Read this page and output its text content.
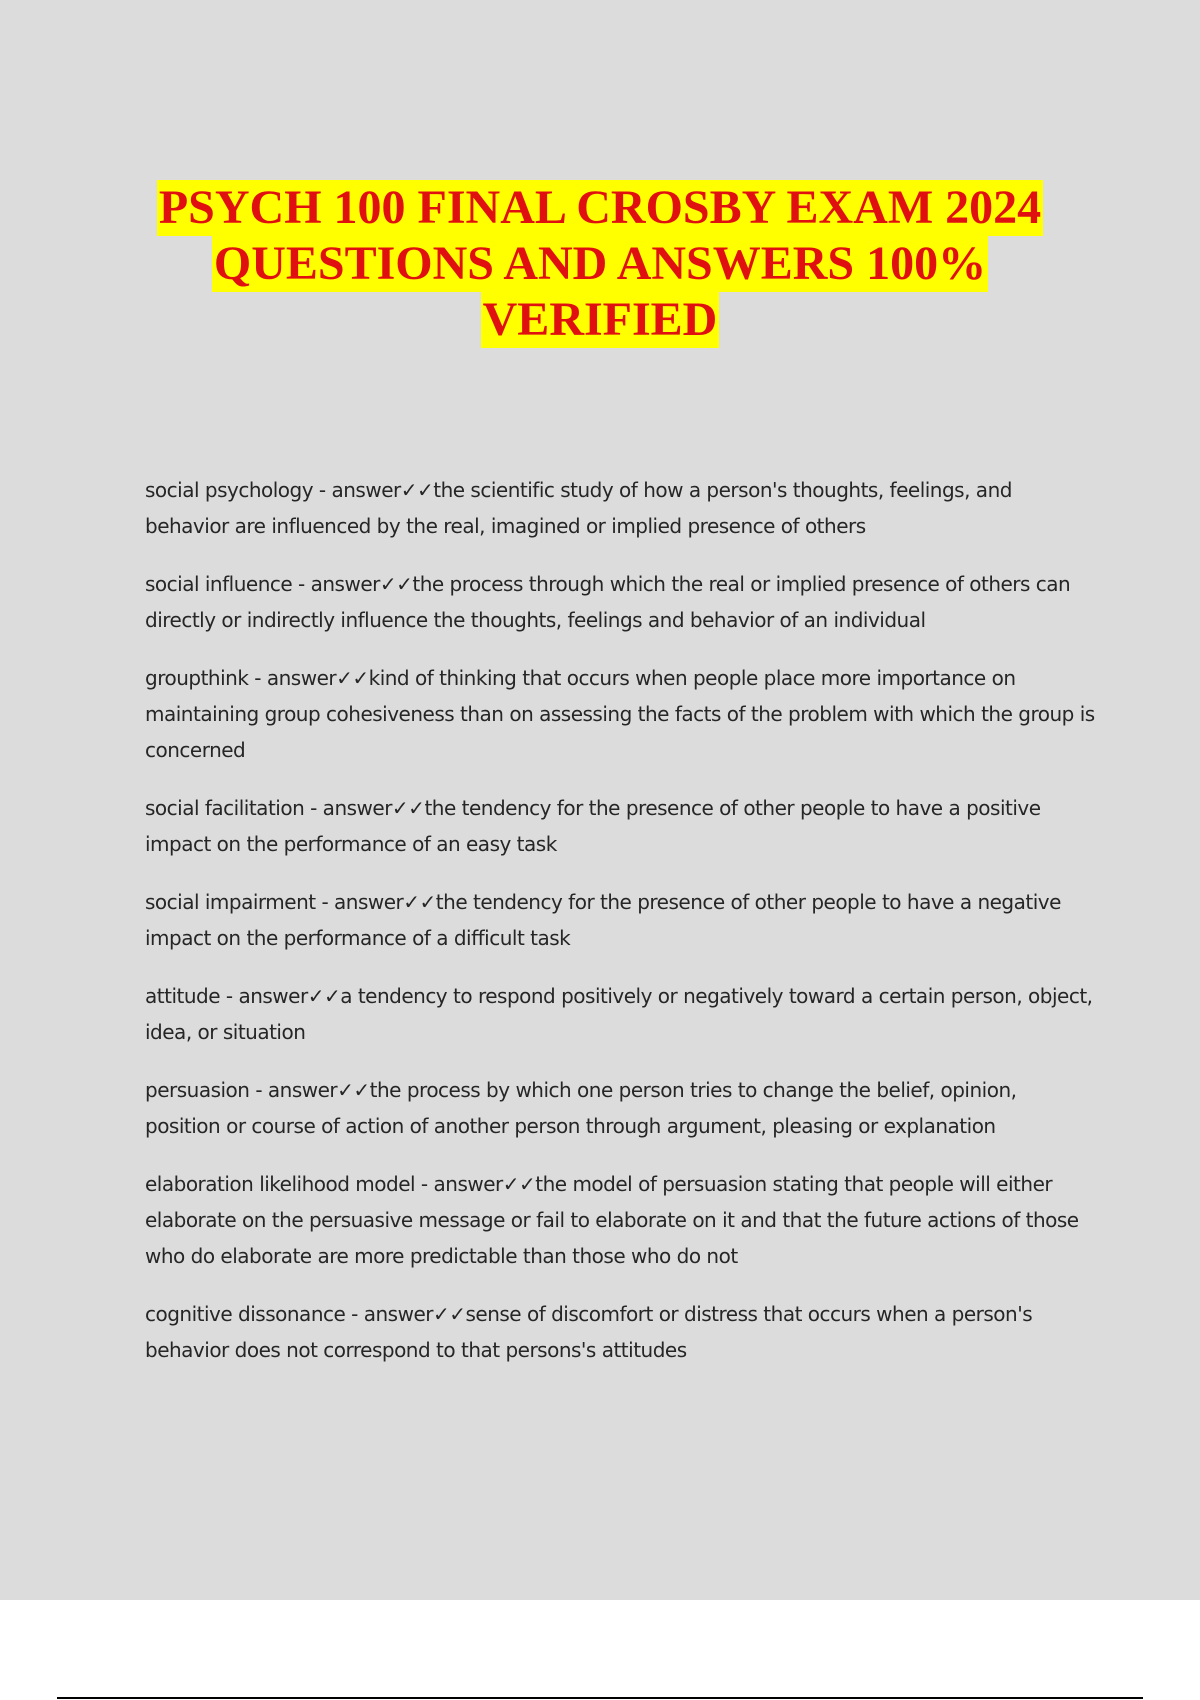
PSYCH 100 FINAL CROSBY EXAM 2024
QUESTIONS AND ANSWERS 100%
VERIFIED

social psychology - answer✓✓the scientific study of how a person's thoughts, feelings, and behavior are influenced by the real, imagined or implied presence of others

social influence - answer✓✓the process through which the real or implied presence of others can directly or indirectly influence the thoughts, feelings and behavior of an individual

groupthink - answer✓✓kind of thinking that occurs when people place more importance on maintaining group cohesiveness than on assessing the facts of the problem with which the group is concerned

social facilitation - answer✓✓the tendency for the presence of other people to have a positive impact on the performance of an easy task

social impairment - answer✓✓the tendency for the presence of other people to have a negative impact on the performance of a difficult task

attitude - answer✓✓a tendency to respond positively or negatively toward a certain person, object, idea, or situation

persuasion - answer✓✓the process by which one person tries to change the belief, opinion, position or course of action of another person through argument, pleasing or explanation

elaboration likelihood model - answer✓✓the model of persuasion stating that people will either elaborate on the persuasive message or fail to elaborate on it and that the future actions of those who do elaborate are more predictable than those who do not

cognitive dissonance - answer✓✓sense of discomfort or distress that occurs when a person's behavior does not correspond to that persons's attitudes
